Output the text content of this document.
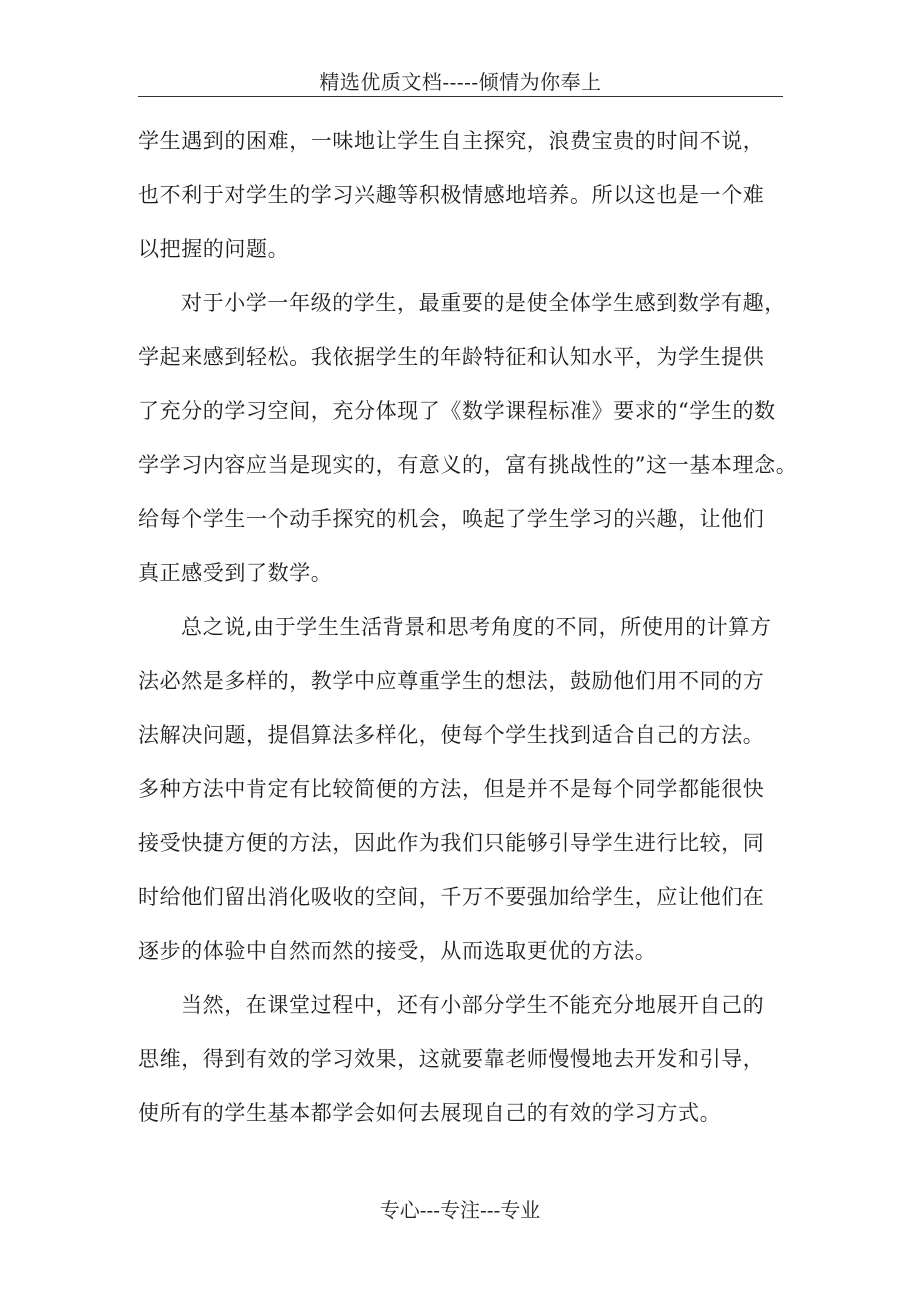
精选优质文档-----倾情为你奉上
学生遇到的困难，一味地让学生自主探究，浪费宝贵的时间不说，
也不利于对学生的学习兴趣等积极情感地培养。所以这也是一个难
以把握的问题。
对于小学一年级的学生，最重要的是使全体学生感到数学有趣，
学起来感到轻松。我依据学生的年龄特征和认知水平，为学生提供
了充分的学习空间，充分体现了《数学课程标准》要求的“学生的数
学学习内容应当是现实的，有意义的，富有挑战性的”这一基本理念。
给每个学生一个动手探究的机会，唤起了学生学习的兴趣，让他们
真正感受到了数学。
总之说,由于学生生活背景和思考角度的不同，所使用的计算方
法必然是多样的，教学中应尊重学生的想法，鼓励他们用不同的方
法解决问题，提倡算法多样化，使每个学生找到适合自己的方法。
多种方法中肯定有比较简便的方法，但是并不是每个同学都能很快
接受快捷方便的方法，因此作为我们只能够引导学生进行比较，同
时给他们留出消化吸收的空间，千万不要强加给学生，应让他们在
逐步的体验中自然而然的接受，从而选取更优的方法。
当然，在课堂过程中，还有小部分学生不能充分地展开自己的
思维，得到有效的学习效果，这就要靠老师慢慢地去开发和引导，
使所有的学生基本都学会如何去展现自己的有效的学习方式。
专心---专注---专业
